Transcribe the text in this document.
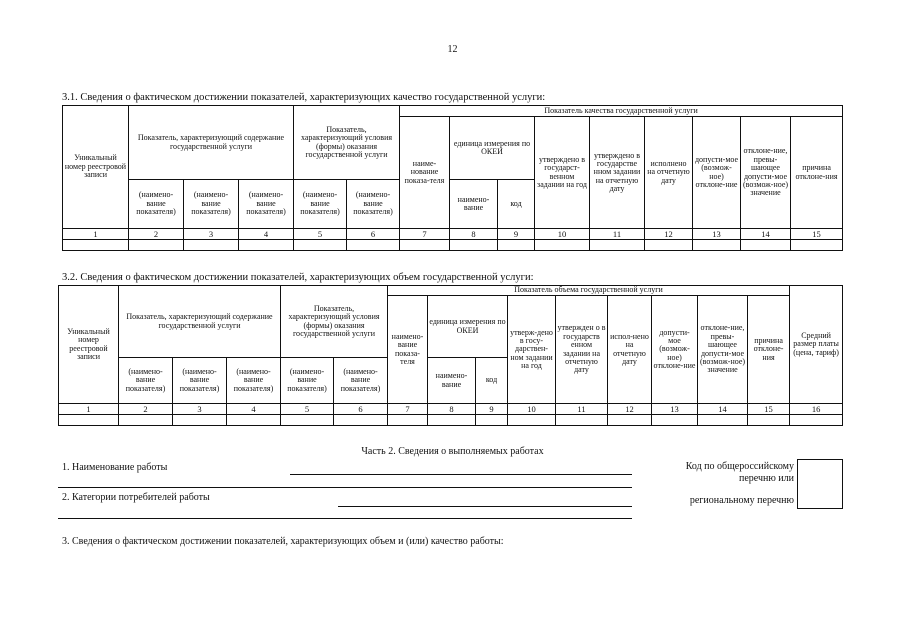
12
3.1. Сведения о фактическом достижении показателей, характеризующих качество государственной услуги:
Уникальный номер реестровой записи	Показатель, характеризующий содержание государственной услуги			Показатель, характеризующий условия (формы) оказания государственной услуги		Показатель качества государственной услуги								
						наиме-нование показа-теля	единица измерения по ОКЕИ		утверждено в государст-венном задании на год	утверждено в государстве нном задании на отчетную дату	исполнено на отчетную дату	допусти-мое (возмож-ное) отклоне-ние	отклоне-ние, превы-шающее допусти-мое (возмож-ное) значение	причина отклоне-ния
	(наимено-вание показателя)	(наимено-вание показателя)	(наимено-вание показателя)	(наимено-вание показателя)	(наимено-вание показателя)		наимено-вание	код						
1	2	3	4	5	6	7	8	9	10	11	12	13	14	15

3.2. Сведения о фактическом достижении показателей, характеризующих объем государственной услуги:
Уникальный номер реестровой записи	Показатель, характеризующий содержание государственной услуги			Показатель, характеризующий условия (формы) оказания государственной услуги		Показатель объема государственной услуги									Средний размер платы (цена, тариф)
						наимено-вание показа-теля	единица измерения по ОКЕИ		утверж-дено в госу-дарствен-ном задании на год	утвержден о в государств енном задании на отчетную дату	испол-нено на отчетную дату	допусти-мое (возмож-ное) отклоне-ние	отклоне-ние, превы-шающее допусти-мое (возмож-ное) значение	причина отклоне-ния	
	(наимено-вание показателя)	(наимено-вание показателя)	(наимено-вание показателя)	(наимено-вание показателя)	(наимено-вание показателя)		наимено-вание	код							
1	2	3	4	5	6	7	8	9	10	11	12	13	14	15	16

Часть 2. Сведения о выполняемых работах
1. Наименование работы
2. Категории потребителей работы
Код по общероссийскому
перечню или
региональному перечню
3. Сведения о фактическом достижении показателей, характеризующих объем и (или) качество работы:
